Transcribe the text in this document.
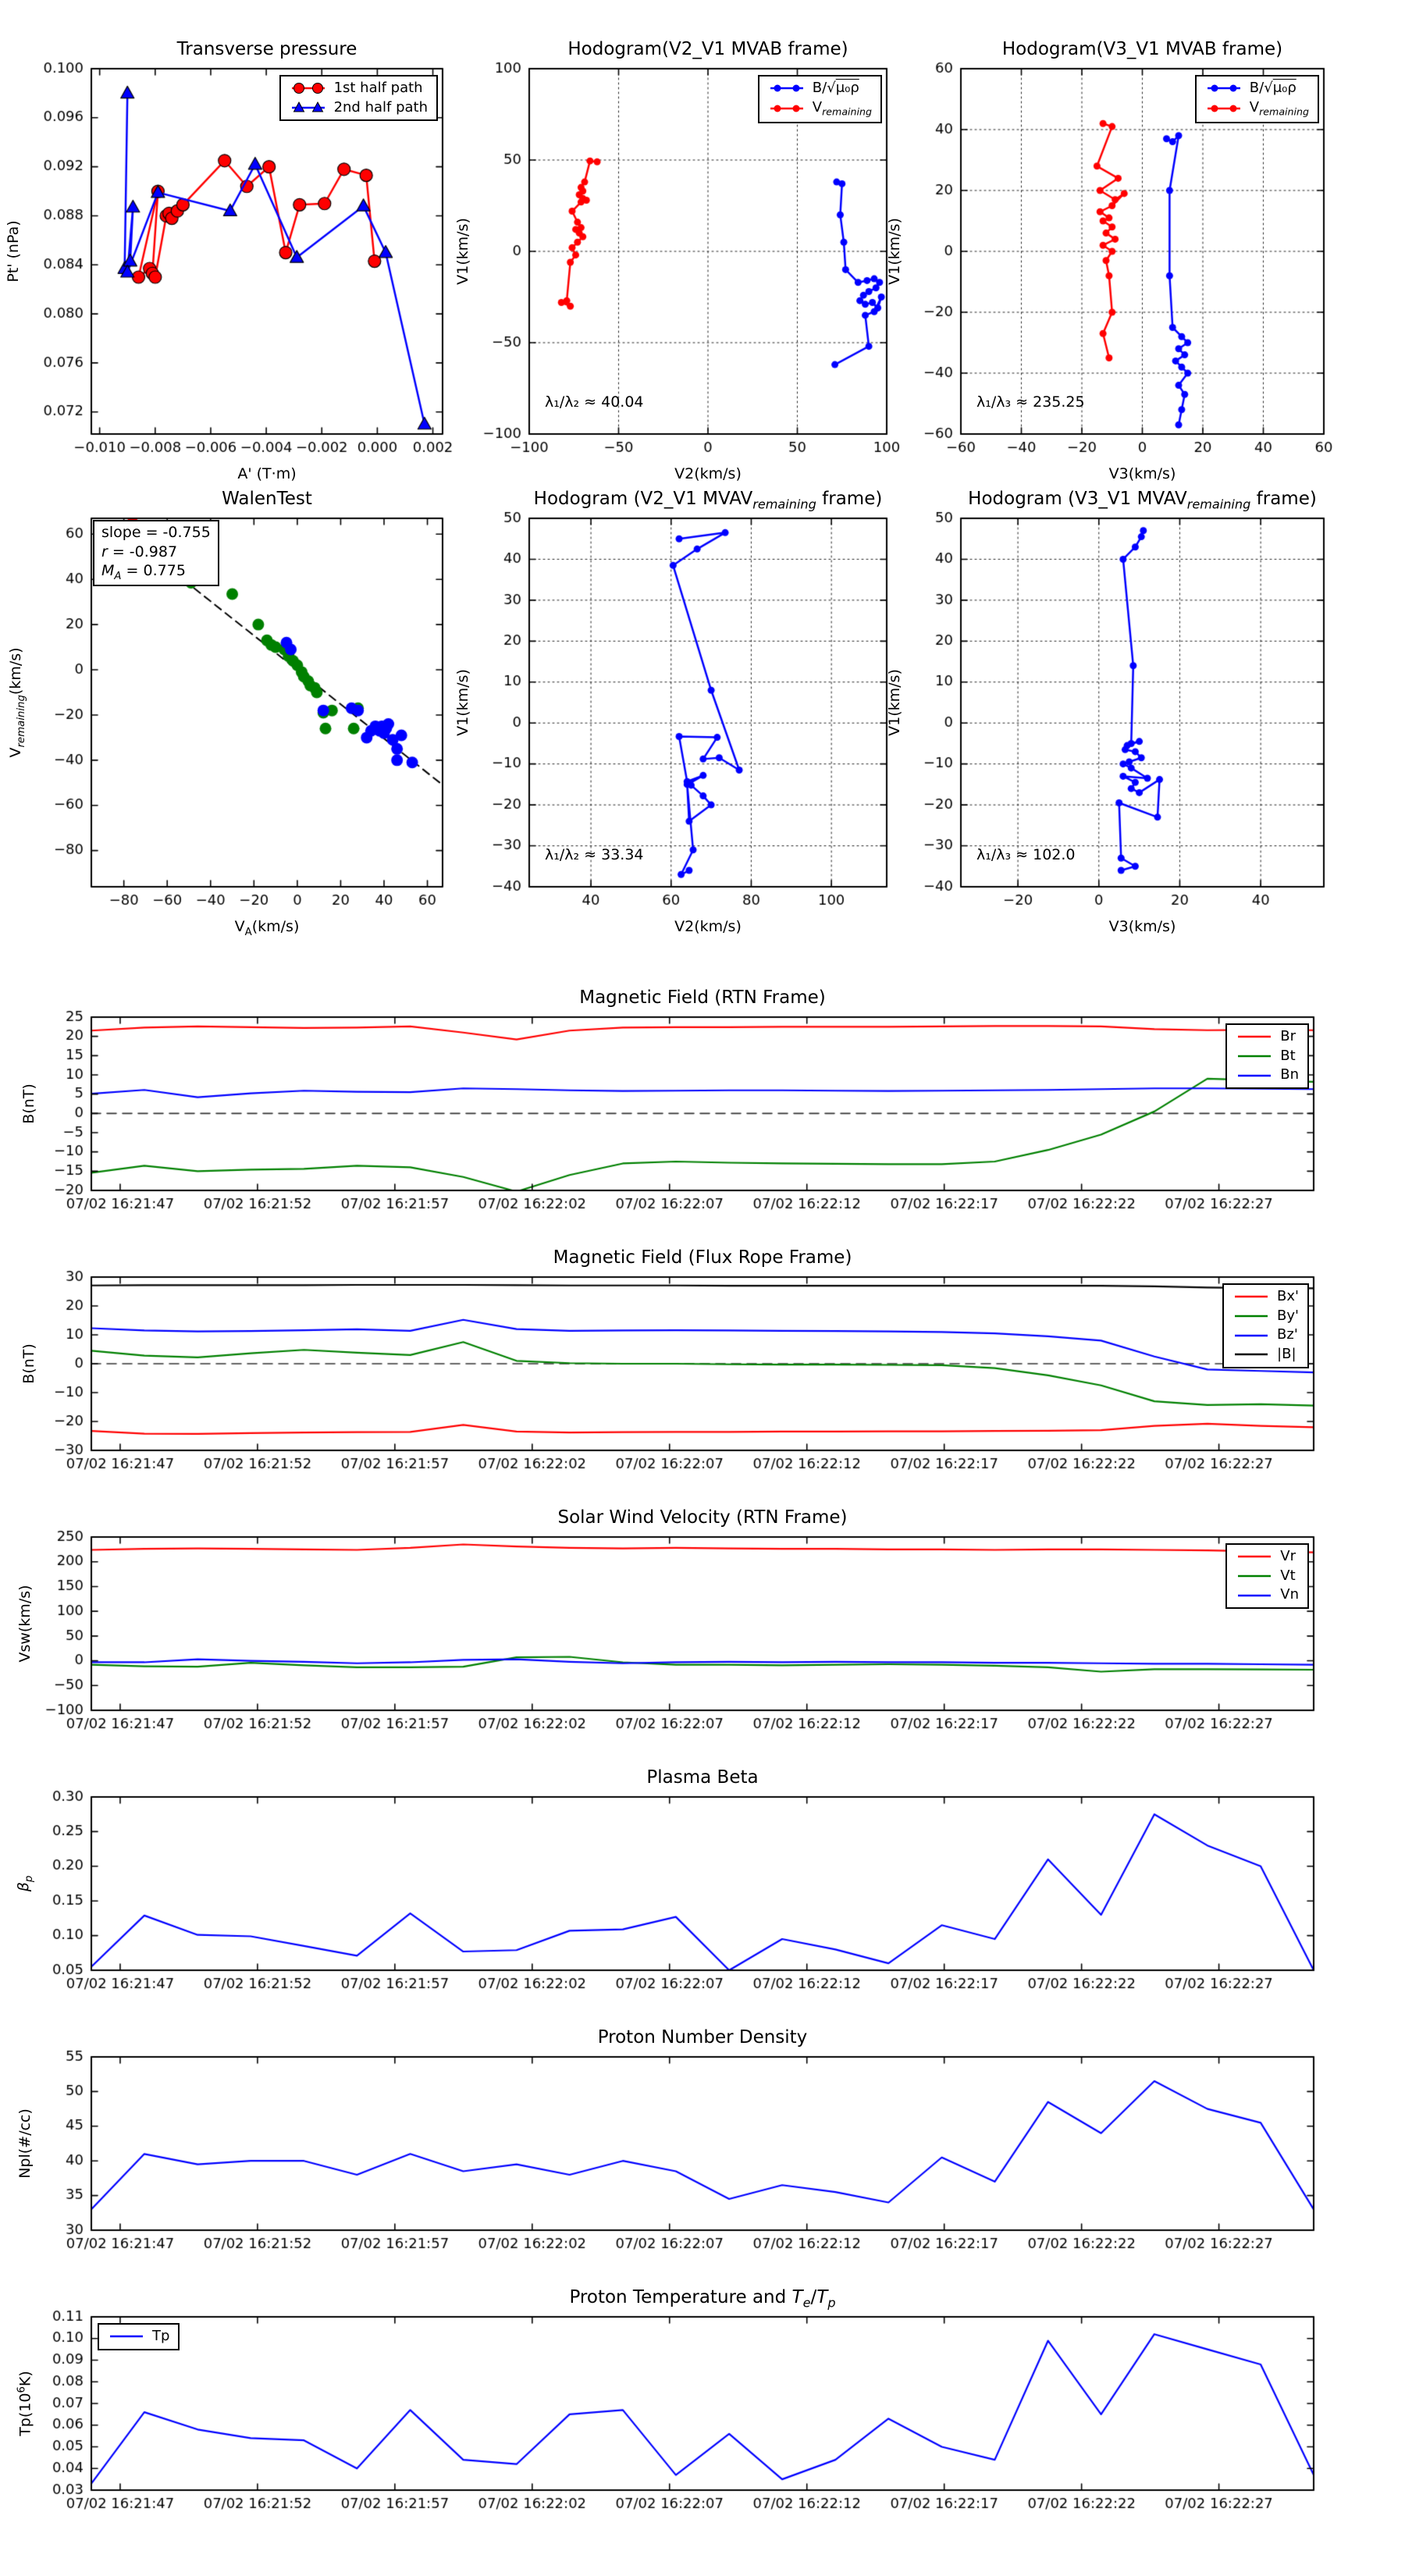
Transverse pressure
A' (T·m)
Pt' (nPa)
1st half path
2nd half path
Hodogram(V2_V1 MVAB frame)
V2(km/s)
V1(km/s)
B/√μ₀ρ
$V_{remaining}$
λ₁/λ₂ ≈ 40.04
Hodogram(V3_V1 MVAB frame)
V3(km/s)
V1(km/s)
B/√μ₀ρ
$V_{remaining}$
λ₁/λ₃ ≈ 235.25
WalenTest
$V_A(km/s)$
$V_{remaining}(km/s)$
slope = -0.755
r = -0.987
$M_A = 0.775$
Hodogram (V2_V1 $MVAV_{remaining}$ frame)
V2(km/s)
V1(km/s)
λ₁/λ₂ ≈ 33.34
Hodogram (V3_V1 $MVAV_{remaining}$ frame)
V3(km/s)
V1(km/s)
λ₁/λ₃ ≈ 102.0
Magnetic Field (RTN Frame)
B(nT)
Br
Bt
Bn
Magnetic Field (Flux Rope Frame)
B(nT)
Bx'
By'
Bz'
|B|
Solar Wind Velocity (RTN Frame)
Vsw(km/s)
Vr
Vt
Vn
Plasma Beta
$\beta_p$
Proton Number Density
Npl(#/cc)
Proton Temperature and $T_e/T_p$
$Tp(10^6K)$
Tp
